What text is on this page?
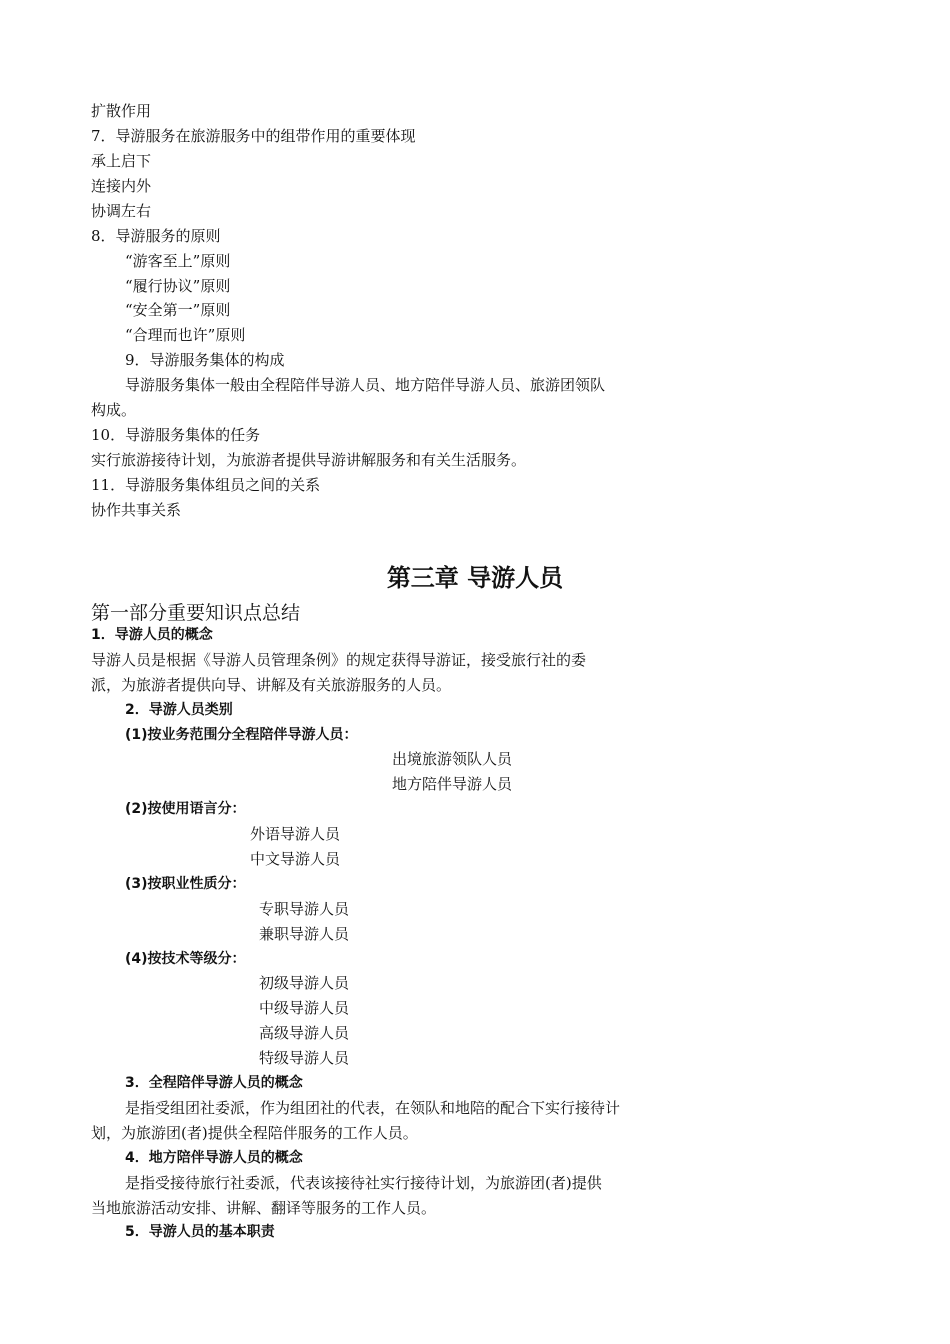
扩散作用
7．导游服务在旅游服务中的组带作用的重要体现
承上启下
连接内外
协调左右
8．导游服务的原则
“游客至上”原则
“履行协议”原则
“安全第一”原则
“合理而也许”原则
9．导游服务集体的构成
导游服务集体一般由全程陪伴导游人员、地方陪伴导游人员、旅游团领队
构成。
10．导游服务集体的任务
实行旅游接待计划，为旅游者提供导游讲解服务和有关生活服务。
11．导游服务集体组员之间的关系
协作共事关系
第三章 导游人员
第一部分重要知识点总结
1．导游人员的概念
导游人员是根据《导游人员管理条例》的规定获得导游证，接受旅行社的委
派，为旅游者提供向导、讲解及有关旅游服务的人员。
2．导游人员类别
(1)按业务范围分全程陪伴导游人员：
出境旅游领队人员
地方陪伴导游人员
(2)按使用语言分：
外语导游人员
中文导游人员
(3)按职业性质分：
专职导游人员
兼职导游人员
(4)按技术等级分：
初级导游人员
中级导游人员
高级导游人员
特级导游人员
3．全程陪伴导游人员的概念
是指受组团社委派，作为组团社的代表，在领队和地陪的配合下实行接待计
划，为旅游团(者)提供全程陪伴服务的工作人员。
4．地方陪伴导游人员的概念
是指受接待旅行社委派，代表该接待社实行接待计划，为旅游团(者)提供
当地旅游活动安排、讲解、翻译等服务的工作人员。
5．导游人员的基本职责
